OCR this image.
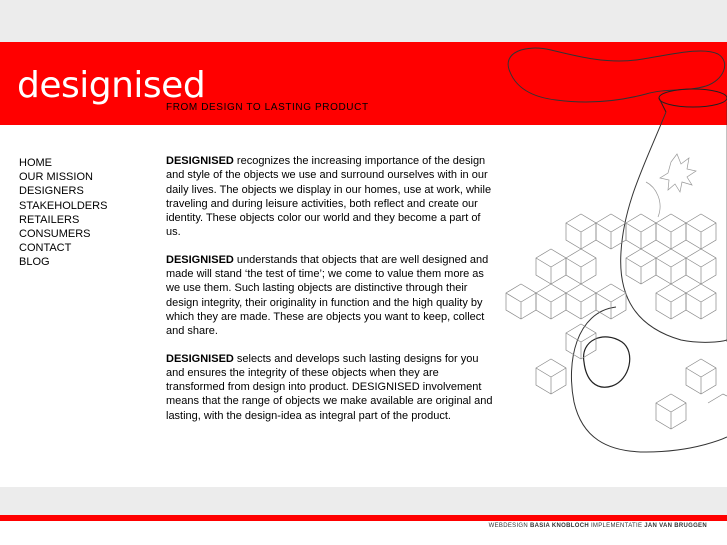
designised
FROM DESIGN TO LASTING PRODUCT
HOME
OUR MISSION
DESIGNERS
STAKEHOLDERS
RETAILERS
CONSUMERS
CONTACT
BLOG

DESIGNISED recognizes the increasing importance of the design and style of the objects we use and surround ourselves with in our daily lives. The objects we display in our homes, use at work, while traveling and during leisure activities, both reflect and create our identity. These objects color our world and they become a part of us.

DESIGNISED understands that objects that are well designed and made will stand ‘the test of time’; we come to value them more as we use them. Such lasting objects are distinctive through their design integrity, their originality in function and the high quality by which they are made. These are objects you want to keep, collect and share.

DESIGNISED selects and develops such lasting designs for you and ensures the integrity of these objects when they are transformed from design into product. DESIGNISED involvement means that the range of objects we make available are original and lasting, with the design-idea as integral part of the product.

WEBDESIGN BASIA KNOBLOCH IMPLEMENTATIE JAN VAN BRUGGEN
